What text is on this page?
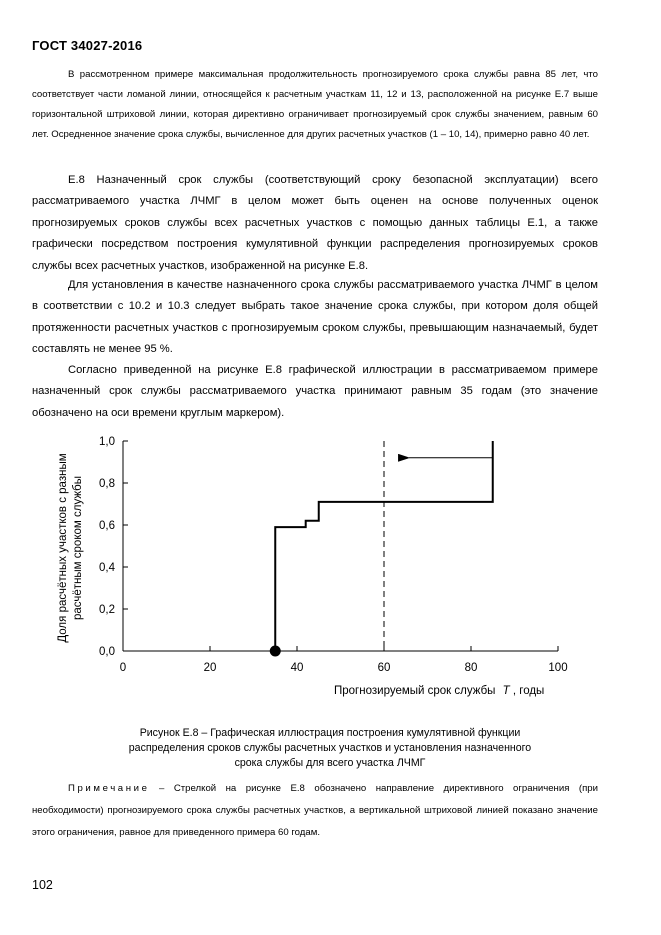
ГОСТ 34027-2016

В рассмотренном примере максимальная продолжительность прогнозируемого срока службы равна 85 лет, что соответствует части ломаной линии, относящейся к расчетным участкам 11, 12 и 13, расположенной на рисунке Е.7 выше горизонтальной штриховой линии, которая директивно ограничивает прогнозируемый срок службы значением, равным 60 лет. Осредненное значение срока службы, вычисленное для других расчетных участков (1 – 10, 14), примерно равно 40 лет.

Е.8 Назначенный срок службы (соответствующий сроку безопасной эксплуатации) всего рассматриваемого участка ЛЧМГ в целом может быть оценен на основе полученных оценок прогнозируемых сроков службы всех расчетных участков с помощью данных таблицы Е.1, а также графически посредством построения кумулятивной функции распределения прогнозируемых сроков службы всех расчетных участков, изображенной на рисунке Е.8.

Для установления в качестве назначенного срока службы рассматриваемого участка ЛЧМГ в целом в соответствии с 10.2 и 10.3 следует выбрать такое значение срока службы, при котором доля общей протяженности расчетных участков с прогнозируемым сроком службы, превышающим назначаемый, будет составлять не менее 95 %.

Согласно приведенной на рисунке Е.8 графической иллюстрации в рассматриваемом примере назначенный срок службы рассматриваемого участка принимают равным 35 годам (это значение обозначено на оси времени круглым маркером).

0	20	40	60	80	100
0,0
0,2
0,4
0,6
0,8
1,0
Доля расчётных участков с разным расчётным сроком службы
Прогнозируемый срок службы T , годы
Рисунок Е.8 – Графическая иллюстрация построения кумулятивной функции
распределения сроков службы расчетных участков и установления назначенного
срока службы для всего участка ЛЧМГ

Примечание – Стрелкой на рисунке Е.8 обозначено направление директивного ограничения (при необходимости) прогнозируемого срока службы расчетных участков, а вертикальной штриховой линией показано значение этого ограничения, равное для приведенного примера 60 годам.

102
